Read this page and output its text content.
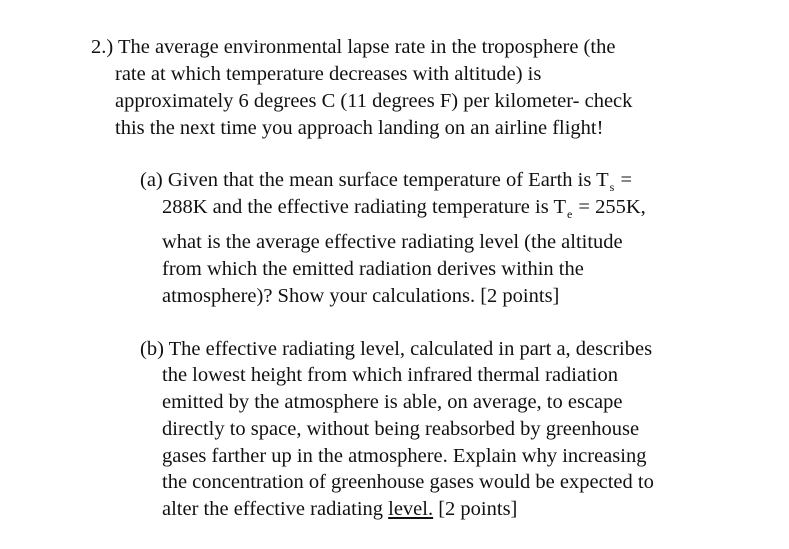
2.) The average environmental lapse rate in the troposphere (the
rate at which temperature decreases with altitude) is
approximately 6 degrees C (11 degrees F) per kilometer- check
this the next time you approach landing on an airline flight!
(a) Given that the mean surface temperature of Earth is $T_s$ =
288K and the effective radiating temperature is $T_e = 255K$,
what is the average effective radiating level (the altitude
from which the emitted radiation derives within the
atmosphere)? Show your calculations. [2 points]
(b) The effective radiating level, calculated in part a, describes
the lowest height from which infrared thermal radiation
emitted by the atmosphere is able, on average, to escape
directly to space, without being reabsorbed by greenhouse
gases farther up in the atmosphere. Explain why increasing
the concentration of greenhouse gases would be expected to
alter the effective radiating level. [2 points]
